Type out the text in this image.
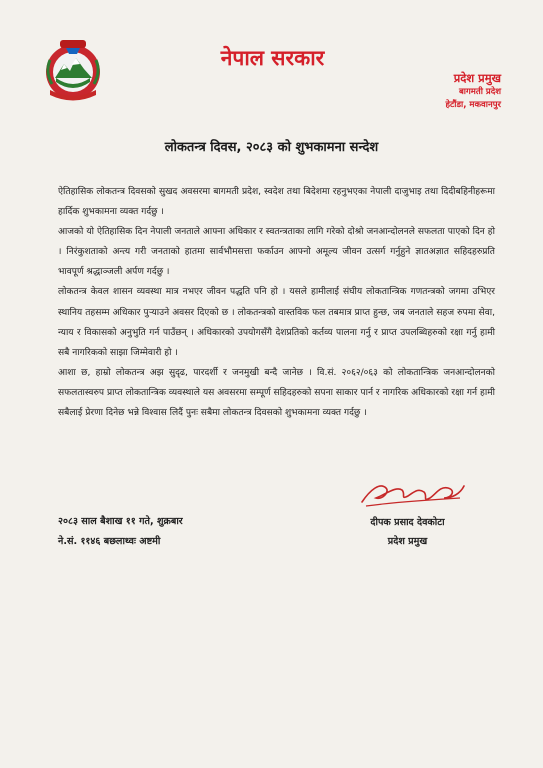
नेपाल सरकार
प्रदेश प्रमुख
बागमती प्रदेश
हेटौंडा, मकवानपुर
लोकतन्त्र दिवस, २०८३ को शुभकामना सन्देश

ऐतिहासिक लोकतन्त्र दिवसको सुखद अवसरमा बागमती प्रदेश, स्वदेश तथा बिदेशमा रहनुभएका नेपाली दाजुभाइ तथा दिदीबहिनीहरूमा हार्दिक शुभकामना व्यक्त गर्दछु ।

आजको यो ऐतिहासिक दिन नेपाली जनताले आफ्ना अधिकार र स्वतन्त्रताका लागि गरेको दोश्रो जनआन्दोलनले सफलता पाएको दिन हो । निरंकुशताको अन्त्य गरी जनताको हातमा सार्वभौमसत्ता फर्काउन आफ्नो अमूल्य जीवन उत्सर्ग गर्नुहुने ज्ञातअज्ञात सहिदहरुप्रति भावपूर्ण श्रद्धाञ्जली अर्पण गर्दछु ।

लोकतन्त्र केवल शासन व्यवस्था मात्र नभएर जीवन पद्धति पनि हो । यसले हामीलाई संघीय लोकतान्त्रिक गणतन्त्रको जगमा उभिएर स्थानिय तहसम्म अधिकार पुऱ्याउने अवसर दिएको छ । लोकतन्त्रको वास्तविक फल तबमात्र प्राप्त हुन्छ, जब जनताले सहज रुपमा सेवा, न्याय र विकासको अनुभुति गर्न पाउँछन् । अधिकारको उपयोगसँगै देशप्रतिको कर्तव्य पालना गर्नु र प्राप्त उपलब्धिहरुको रक्षा गर्नु हामी सबै नागरिकको साझा जिम्मेवारी हो ।

आशा छ, हाम्रो लोकतन्त्र अझ सुदृढ, पारदर्शी र जनमुखी बन्दै जानेछ । वि.सं. २०६२/०६३ को लोकतान्त्रिक जनआन्दोलनको सफलतास्वरुप प्राप्त लोकतान्त्रिक व्यवस्थाले यस अवसरमा सम्पूर्ण सहिदहरुको सपना साकार पार्न र नागरिक अधिकारको रक्षा गर्न हामी सबैलाई प्रेरणा दिनेछ भन्ने विश्वास लिदैं पुनः सबैमा लोकतन्त्र दिवसको शुभकामना व्यक्त गर्दछु ।

२०८३ साल बैशाख ११ गते, शुक्रबार
ने.सं. ११४६ बछलाथ्वः अष्टमी
दीपक प्रसाद देवकोटा
प्रदेश प्रमुख
